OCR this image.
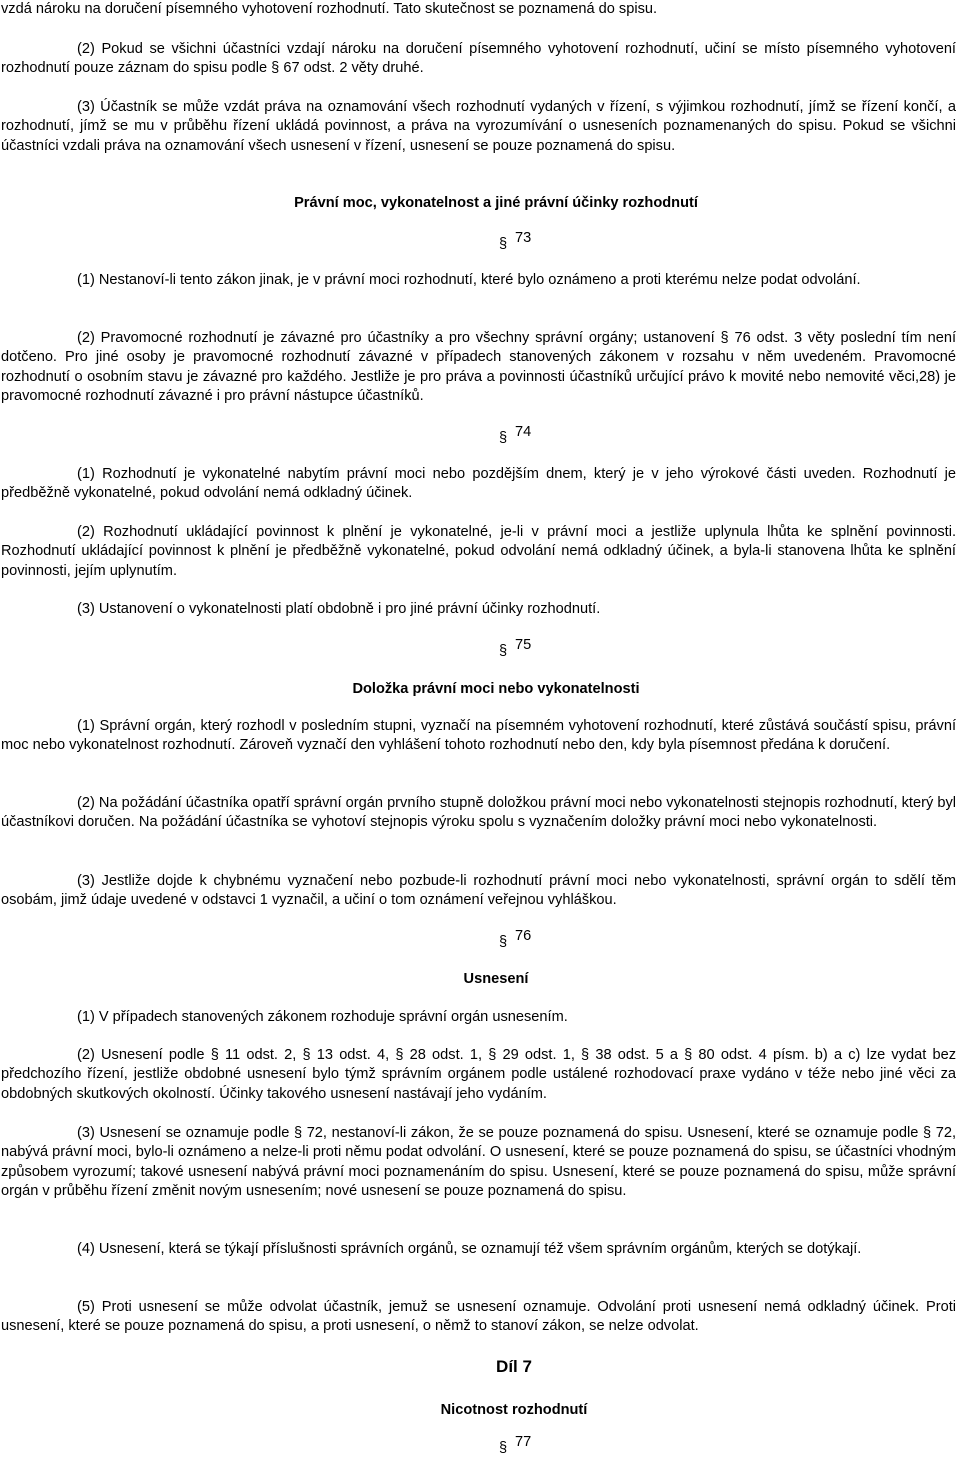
vzdá nároku na doručení písemného vyhotovení rozhodnutí. Tato skutečnost se poznamená do spisu.

(2) Pokud se všichni účastníci vzdají nároku na doručení písemného vyhotovení rozhodnutí, učiní se místo písemného vyhotovení rozhodnutí pouze záznam do spisu podle § 67 odst. 2 věty druhé.

(3) Účastník se může vzdát práva na oznamování všech rozhodnutí vydaných v řízení, s výjimkou rozhodnutí, jímž se řízení končí, a rozhodnutí, jímž se mu v průběhu řízení ukládá povinnost, a práva na vyrozumívání o usneseních poznamenaných do spisu. Pokud se všichni účastníci vzdali práva na oznamování všech usnesení v řízení, usnesení se pouze poznamená do spisu.

Právní moc, vykonatelnost a jiné právní účinky rozhodnutí

§ 73

(1) Nestanoví-li tento zákon jinak, je v právní moci rozhodnutí, které bylo oznámeno a proti kterému nelze podat odvolání.

(2) Pravomocné rozhodnutí je závazné pro účastníky a pro všechny správní orgány; ustanovení § 76 odst. 3 věty poslední tím není dotčeno. Pro jiné osoby je pravomocné rozhodnutí závazné v případech stanovených zákonem v rozsahu v něm uvedeném. Pravomocné rozhodnutí o osobním stavu je závazné pro každého. Jestliže je pro práva a povinnosti účastníků určující právo k movité nebo nemovité věci,28) je pravomocné rozhodnutí závazné i pro právní nástupce účastníků.

§ 74

(1) Rozhodnutí je vykonatelné nabytím právní moci nebo pozdějším dnem, který je v jeho výrokové části uveden. Rozhodnutí je předběžně vykonatelné, pokud odvolání nemá odkladný účinek.

(2) Rozhodnutí ukládající povinnost k plnění je vykonatelné, je-li v právní moci a jestliže uplynula lhůta ke splnění povinnosti. Rozhodnutí ukládající povinnost k plnění je předběžně vykonatelné, pokud odvolání nemá odkladný účinek, a byla-li stanovena lhůta ke splnění povinnosti, jejím uplynutím.

(3) Ustanovení o vykonatelnosti platí obdobně i pro jiné právní účinky rozhodnutí.

§ 75

Doložka právní moci nebo vykonatelnosti

(1) Správní orgán, který rozhodl v posledním stupni, vyznačí na písemném vyhotovení rozhodnutí, které zůstává součástí spisu, právní moc nebo vykonatelnost rozhodnutí. Zároveň vyznačí den vyhlášení tohoto rozhodnutí nebo den, kdy byla písemnost předána k doručení.

(2) Na požádání účastníka opatří správní orgán prvního stupně doložkou právní moci nebo vykonatelnosti stejnopis rozhodnutí, který byl účastníkovi doručen. Na požádání účastníka se vyhotoví stejnopis výroku spolu s vyznačením doložky právní moci nebo vykonatelnosti.

(3) Jestliže dojde k chybnému vyznačení nebo pozbude-li rozhodnutí právní moci nebo vykonatelnosti, správní orgán to sdělí těm osobám, jimž údaje uvedené v odstavci 1 vyznačil, a učiní o tom oznámení veřejnou vyhláškou.

§ 76

Usnesení

(1) V případech stanovených zákonem rozhoduje správní orgán usnesením.

(2) Usnesení podle § 11 odst. 2, § 13 odst. 4, § 28 odst. 1, § 29 odst. 1, § 38 odst. 5 a § 80 odst. 4 písm. b) a c) lze vydat bez předchozího řízení, jestliže obdobné usnesení bylo týmž správním orgánem podle ustálené rozhodovací praxe vydáno v téže nebo jiné věci za obdobných skutkových okolností. Účinky takového usnesení nastávají jeho vydáním.

(3) Usnesení se oznamuje podle § 72, nestanoví-li zákon, že se pouze poznamená do spisu. Usnesení, které se oznamuje podle § 72, nabývá právní moci, bylo-li oznámeno a nelze-li proti němu podat odvolání. O usnesení, které se pouze poznamená do spisu, se účastníci vhodným způsobem vyrozumí; takové usnesení nabývá právní moci poznamenáním do spisu. Usnesení, které se pouze poznamená do spisu, může správní orgán v průběhu řízení změnit novým usnesením; nové usnesení se pouze poznamená do spisu.

(4) Usnesení, která se týkají příslušnosti správních orgánů, se oznamují též všem správním orgánům, kterých se dotýkají.

(5) Proti usnesení se může odvolat účastník, jemuž se usnesení oznamuje. Odvolání proti usnesení nemá odkladný účinek. Proti usnesení, které se pouze poznamená do spisu, a proti usnesení, o němž to stanoví zákon, se nelze odvolat.

Díl 7

Nicotnost rozhodnutí

§ 77
